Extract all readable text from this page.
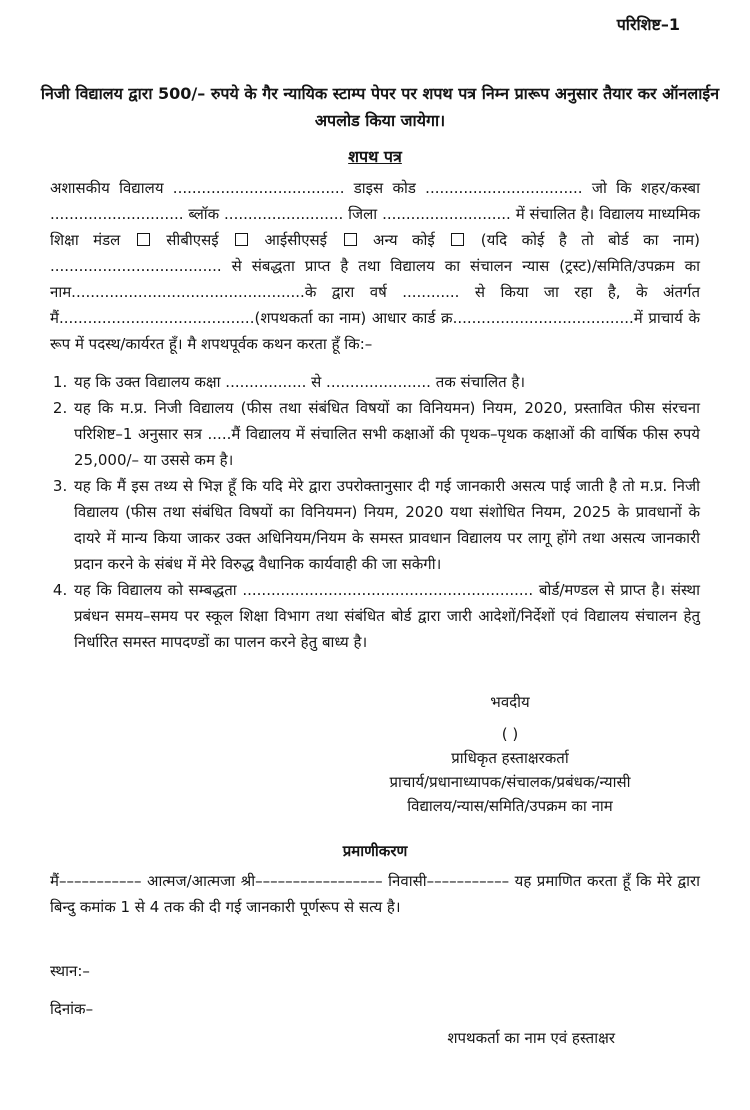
परिशिष्ट–1
निजी विद्यालय द्वारा 500/– रुपये के गैर न्यायिक स्टाम्प पेपर पर शपथ पत्र निम्न प्रारूप अनुसार तैयार कर ऑनलाईन अपलोड किया जायेगा।
शपथ पत्र

अशासकीय विद्यालय .................................... डाइस कोड ................................. जो कि शहर/कस्बा ............................ ब्लॉक ......................... जिला ........................... में संचालित है। विद्यालय माध्यमिक शिक्षा मंडल	सीबीएसई	आईसीएसई	अन्य कोई	(यदि कोई है तो बोर्ड का नाम) .................................... से संबद्धता प्राप्त है तथा विद्यालय का संचालन न्यास (ट्रस्ट)/समिति/उपक्रम का नाम.................................................के द्वारा वर्ष ............ से किया जा रहा है, के अंतर्गत मैं.........................................(शपथकर्ता का नाम) आधार कार्ड क्र......................................में प्राचार्य के रूप में पदस्थ/कार्यरत हूँ। मै शपथपूर्वक कथन करता हूँ कि:–

1. यह कि उक्त विद्यालय कक्षा ................. से ...................... तक संचालित है।
2. यह कि म.प्र. निजी विद्यालय (फीस तथा संबंधित विषयों का विनियमन) नियम, 2020, प्रस्तावित फीस संरचना परिशिष्ट–1 अनुसार सत्र .....मैं विद्यालय में संचालित सभी कक्षाओं की पृथक–पृथक कक्षाओं की वार्षिक फीस रुपये 25,000/– या उससे कम है।
3. यह कि मैं इस तथ्य से भिज्ञ हूँ कि यदि मेरे द्वारा उपरोक्तानुसार दी गई जानकारी असत्य पाई जाती है तो म.प्र. निजी विद्यालय (फीस तथा संबंधित विषयों का विनियमन) नियम, 2020 यथा संशोधित नियम, 2025 के प्रावधानों के दायरे में मान्य किया जाकर उक्त अधिनियम/नियम के समस्त प्रावधान विद्यालय पर लागू होंगे तथा असत्य जानकारी प्रदान करने के संबंध में मेरे विरुद्ध वैधानिक कार्यवाही की जा सकेगी।
4. यह कि विद्यालय को सम्बद्धता ............................................................. बोर्ड/मण्डल से प्राप्त है। संस्था प्रबंधन समय–समय पर स्कूल शिक्षा विभाग तथा संबंधित बोर्ड द्वारा जारी आदेशों/निर्देशों एवं विद्यालय संचालन हेतु निर्धारित समस्त मापदण्डों का पालन करने हेतु बाध्य है।
भवदीय
( )
प्राधिकृत हस्ताक्षरकर्ता
प्राचार्य/प्रधानाध्यापक/संचालक/प्रबंधक/न्यासी
विद्यालय/न्यास/समिति/उपक्रम का नाम
प्रमाणीकरण
मैं––––––––––– आत्मज/आत्मजा श्री––––––––––––––––– निवासी––––––––––– यह प्रमाणित करता हूँ कि मेरे द्वारा बिन्दु कमांक 1 से 4 तक की दी गई जानकारी पूर्णरूप से सत्य है।
स्थान:–
दिनांक–
शपथकर्ता का नाम एवं हस्ताक्षर
